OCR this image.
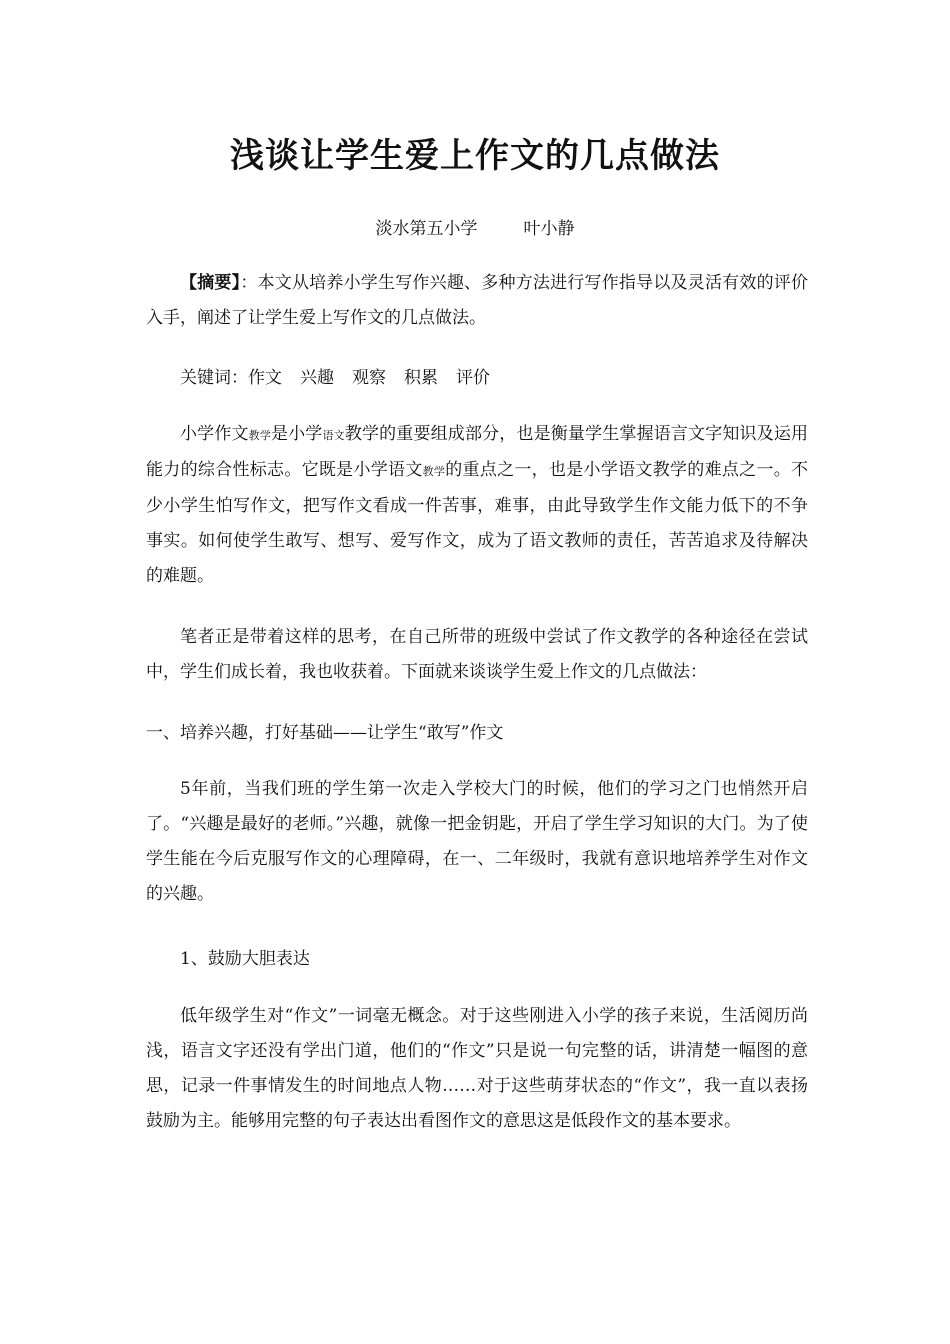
浅谈让学生爱上作文的几点做法
淡水第五小学	叶小静

【摘要】：本文从培养小学生写作兴趣、多种方法进行写作指导以及灵活有效的评价入手，阐述了让学生爱上写作文的几点做法。

关键词：作文 兴趣 观察 积累 评价

小学作文教学是小学语文教学的重要组成部分，也是衡量学生掌握语言文字知识及运用能力的综合性标志。它既是小学语文教学的重点之一，也是小学语文教学的难点之一。不少小学生怕写作文，把写作文看成一件苦事，难事，由此导致学生作文能力低下的不争事实。如何使学生敢写、想写、爱写作文，成为了语文教师的责任，苦苦追求及待解决的难题。

笔者正是带着这样的思考，在自己所带的班级中尝试了作文教学的各种途径在尝试中，学生们成长着，我也收获着。下面就来谈谈学生爱上作文的几点做法：

一、培养兴趣，打好基础——让学生“敢写”作文

5年前，当我们班的学生第一次走入学校大门的时候，他们的学习之门也悄然开启了。“兴趣是最好的老师。”兴趣，就像一把金钥匙，开启了学生学习知识的大门。为了使学生能在今后克服写作文的心理障碍，在一、二年级时，我就有意识地培养学生对作文的兴趣。

1、鼓励大胆表达

低年级学生对“作文”一词毫无概念。对于这些刚进入小学的孩子来说，生活阅历尚浅，语言文字还没有学出门道，他们的“作文”只是说一句完整的话，讲清楚一幅图的意思，记录一件事情发生的时间地点人物……对于这些萌芽状态的“作文”，我一直以表扬鼓励为主。能够用完整的句子表达出看图作文的意思这是低段作文的基本要求。
